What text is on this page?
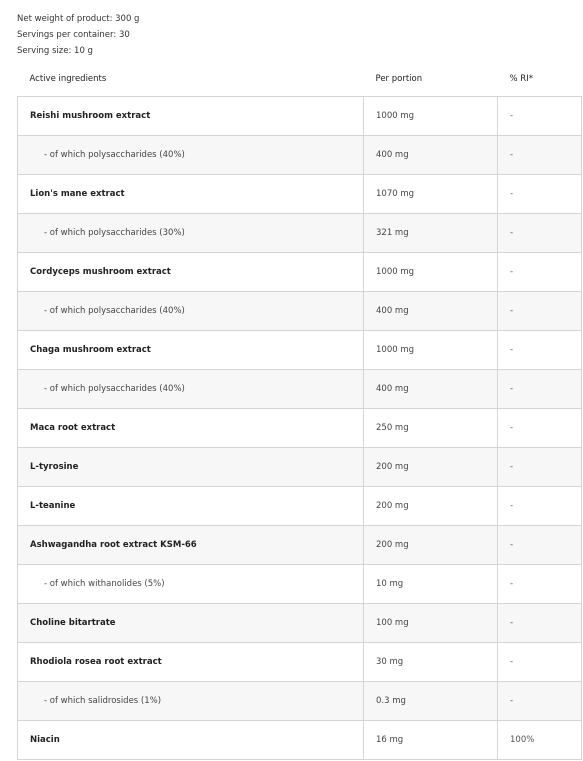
Net weight of product: 300 g
Servings per container: 30
Serving size: 10 g
Active ingredients	Per portion	% RI*
Reishi mushroom extract	1000 mg	-
- of which polysaccharides (40%)	400 mg	-
Lion's mane extract	1070 mg	-
- of which polysaccharides (30%)	321 mg	-
Cordyceps mushroom extract	1000 mg	-
- of which polysaccharides (40%)	400 mg	-
Chaga mushroom extract	1000 mg	-
- of which polysaccharides (40%)	400 mg	-
Maca root extract	250 mg	-
L-tyrosine	200 mg	-
L-teanine	200 mg	-
Ashwagandha root extract KSM-66	200 mg	-
- of which withanolides (5%)	10 mg	-
Choline bitartrate	100 mg	-
Rhodiola rosea root extract	30 mg	-
- of which salidrosides (1%)	0.3 mg	-
Niacin	16 mg	100%
